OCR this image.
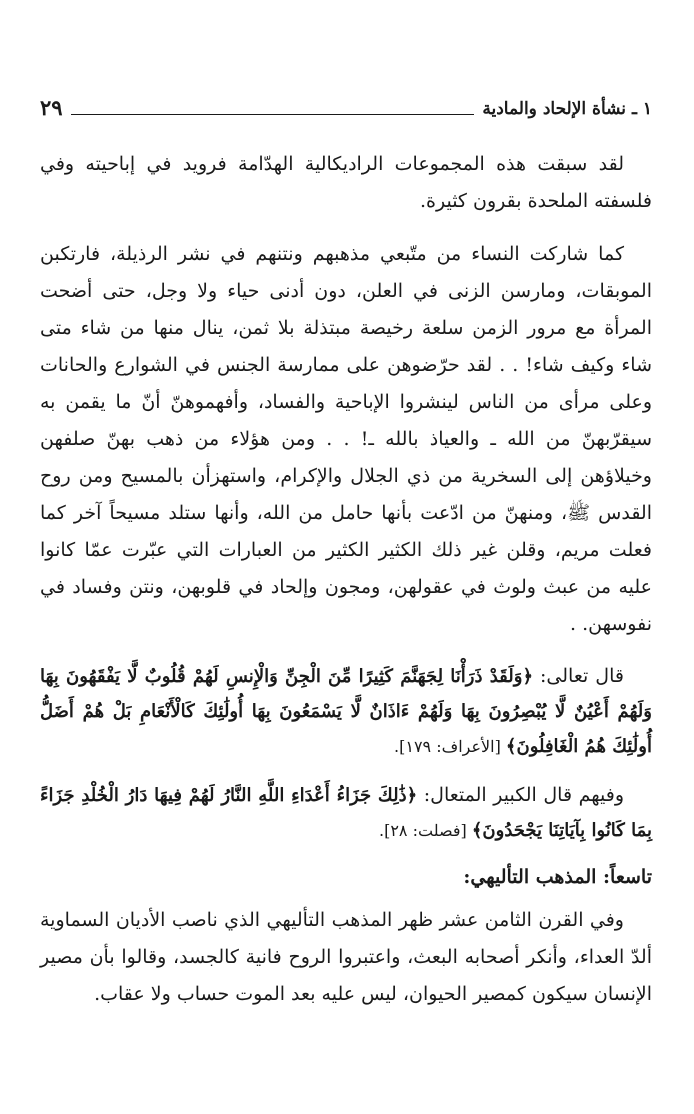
١ ـ نشأة الإلحاد والمادية
٢٩

لقد سبقت هذه المجموعات الراديكالية الهدّامة فرويد في إباحيته وفي فلسفته الملحدة بقرون كثيرة.

كما شاركت النساء من متّبعي مذهبهم ونتنهم في نشر الرذيلة، فارتكبن الموبقات، ومارسن الزنى في العلن، دون أدنى حياء ولا وجل، حتى أضحت المرأة مع مرور الزمن سلعة رخيصة مبتذلة بلا ثمن، ينال منها من شاء متى شاء وكيف شاء! . . لقد حرّضوهن على ممارسة الجنس في الشوارع والحانات وعلى مرأى من الناس لينشروا الإباحية والفساد، وأفهموهنّ أنّ ما يقمن به سيقرّبهنّ من الله ـ والعياذ بالله ـ! . . ومن هؤلاء من ذهب بهنّ صلفهن وخيلاؤهن إلى السخرية من ذي الجلال والإكرام، واستهزأن بالمسيح ومن روح القدس ﷺ، ومنهنّ من ادّعت بأنها حامل من الله، وأنها ستلد مسيحاً آخر كما فعلت مريم، وقلن غير ذلك الكثير الكثير من العبارات التي عبّرت عمّا كانوا عليه من عبث ولوث في عقولهن، ومجون وإلحاد في قلوبهن، ونتن وفساد في نفوسهن. .

قال تعالى: ﴿وَلَقَدْ ذَرَأْنَا لِجَهَنَّمَ كَثِيرًا مِّنَ الْجِنِّ وَالْإِنسِ لَهُمْ قُلُوبٌ لَّا يَفْقَهُونَ بِهَا وَلَهُمْ أَعْيُنٌ لَّا يُبْصِرُونَ بِهَا وَلَهُمْ ءَاذَانٌ لَّا يَسْمَعُونَ بِهَا أُولَٰئِكَ كَالْأَنْعَامِ بَلْ هُمْ أَضَلُّ أُولَٰئِكَ هُمُ الْغَافِلُونَ﴾ [الأعراف: ١٧٩].

وفيهم قال الكبير المتعال: ﴿ذَٰلِكَ جَزَاءُ أَعْدَاءِ اللَّهِ النَّارُ لَهُمْ فِيهَا دَارُ الْخُلْدِ جَزَاءً بِمَا كَانُوا بِآيَاتِنَا يَجْحَدُونَ﴾ [فصلت: ٢٨].

تاسعاً: المذهب التأليهي:

وفي القرن الثامن عشر ظهر المذهب التأليهي الذي ناصب الأديان السماوية ألدّ العداء، وأنكر أصحابه البعث، واعتبروا الروح فانية كالجسد، وقالوا بأن مصير الإنسان سيكون كمصير الحيوان، ليس عليه بعد الموت حساب ولا عقاب.
